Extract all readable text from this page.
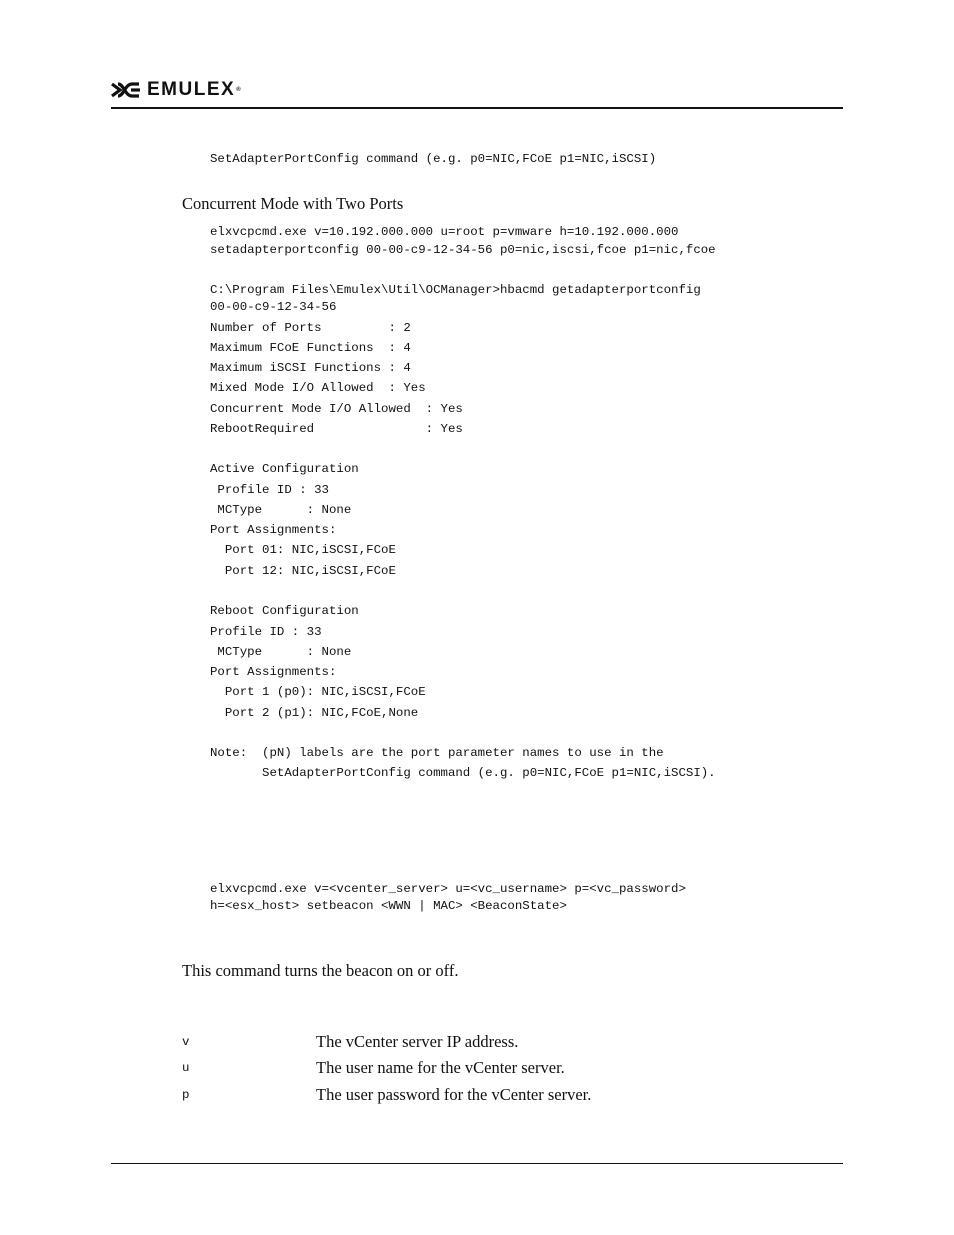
EMULEX®
SetAdapterPortConfig command (e.g. p0=NIC,FCoE p1=NIC,iSCSI)
Concurrent Mode with Two Ports
elxvcpcmd.exe v=10.192.000.000 u=root p=vmware h=10.192.000.000
setadapterportconfig 00-00-c9-12-34-56 p0=nic,iscsi,fcoe p1=nic,fcoe
C:\Program Files\Emulex\Util\OCManager>hbacmd getadapterportconfig
00-00-c9-12-34-56
Number of Ports         : 2
Maximum FCoE Functions  : 4
Maximum iSCSI Functions : 4
Mixed Mode I/O Allowed  : Yes
Concurrent Mode I/O Allowed  : Yes
RebootRequired               : Yes
Active Configuration
Profile ID : 33
MCType      : None
Port Assignments:
Port 01: NIC,iSCSI,FCoE
Port 12: NIC,iSCSI,FCoE
Reboot Configuration
Profile ID : 33
MCType      : None
Port Assignments:
Port 1 (p0): NIC,iSCSI,FCoE
Port 2 (p1): NIC,FCoE,None
Note:  (pN) labels are the port parameter names to use in the
SetAdapterPortConfig command (e.g. p0=NIC,FCoE p1=NIC,iSCSI).
elxvcpcmd.exe v=<vcenter_server> u=<vc_username> p=<vc_password>
h=<esx_host> setbeacon <WWN | MAC> <BeaconState>
This command turns the beacon on or off.
v	The vCenter server IP address.
u	The user name for the vCenter server.
p	The user password for the vCenter server.
